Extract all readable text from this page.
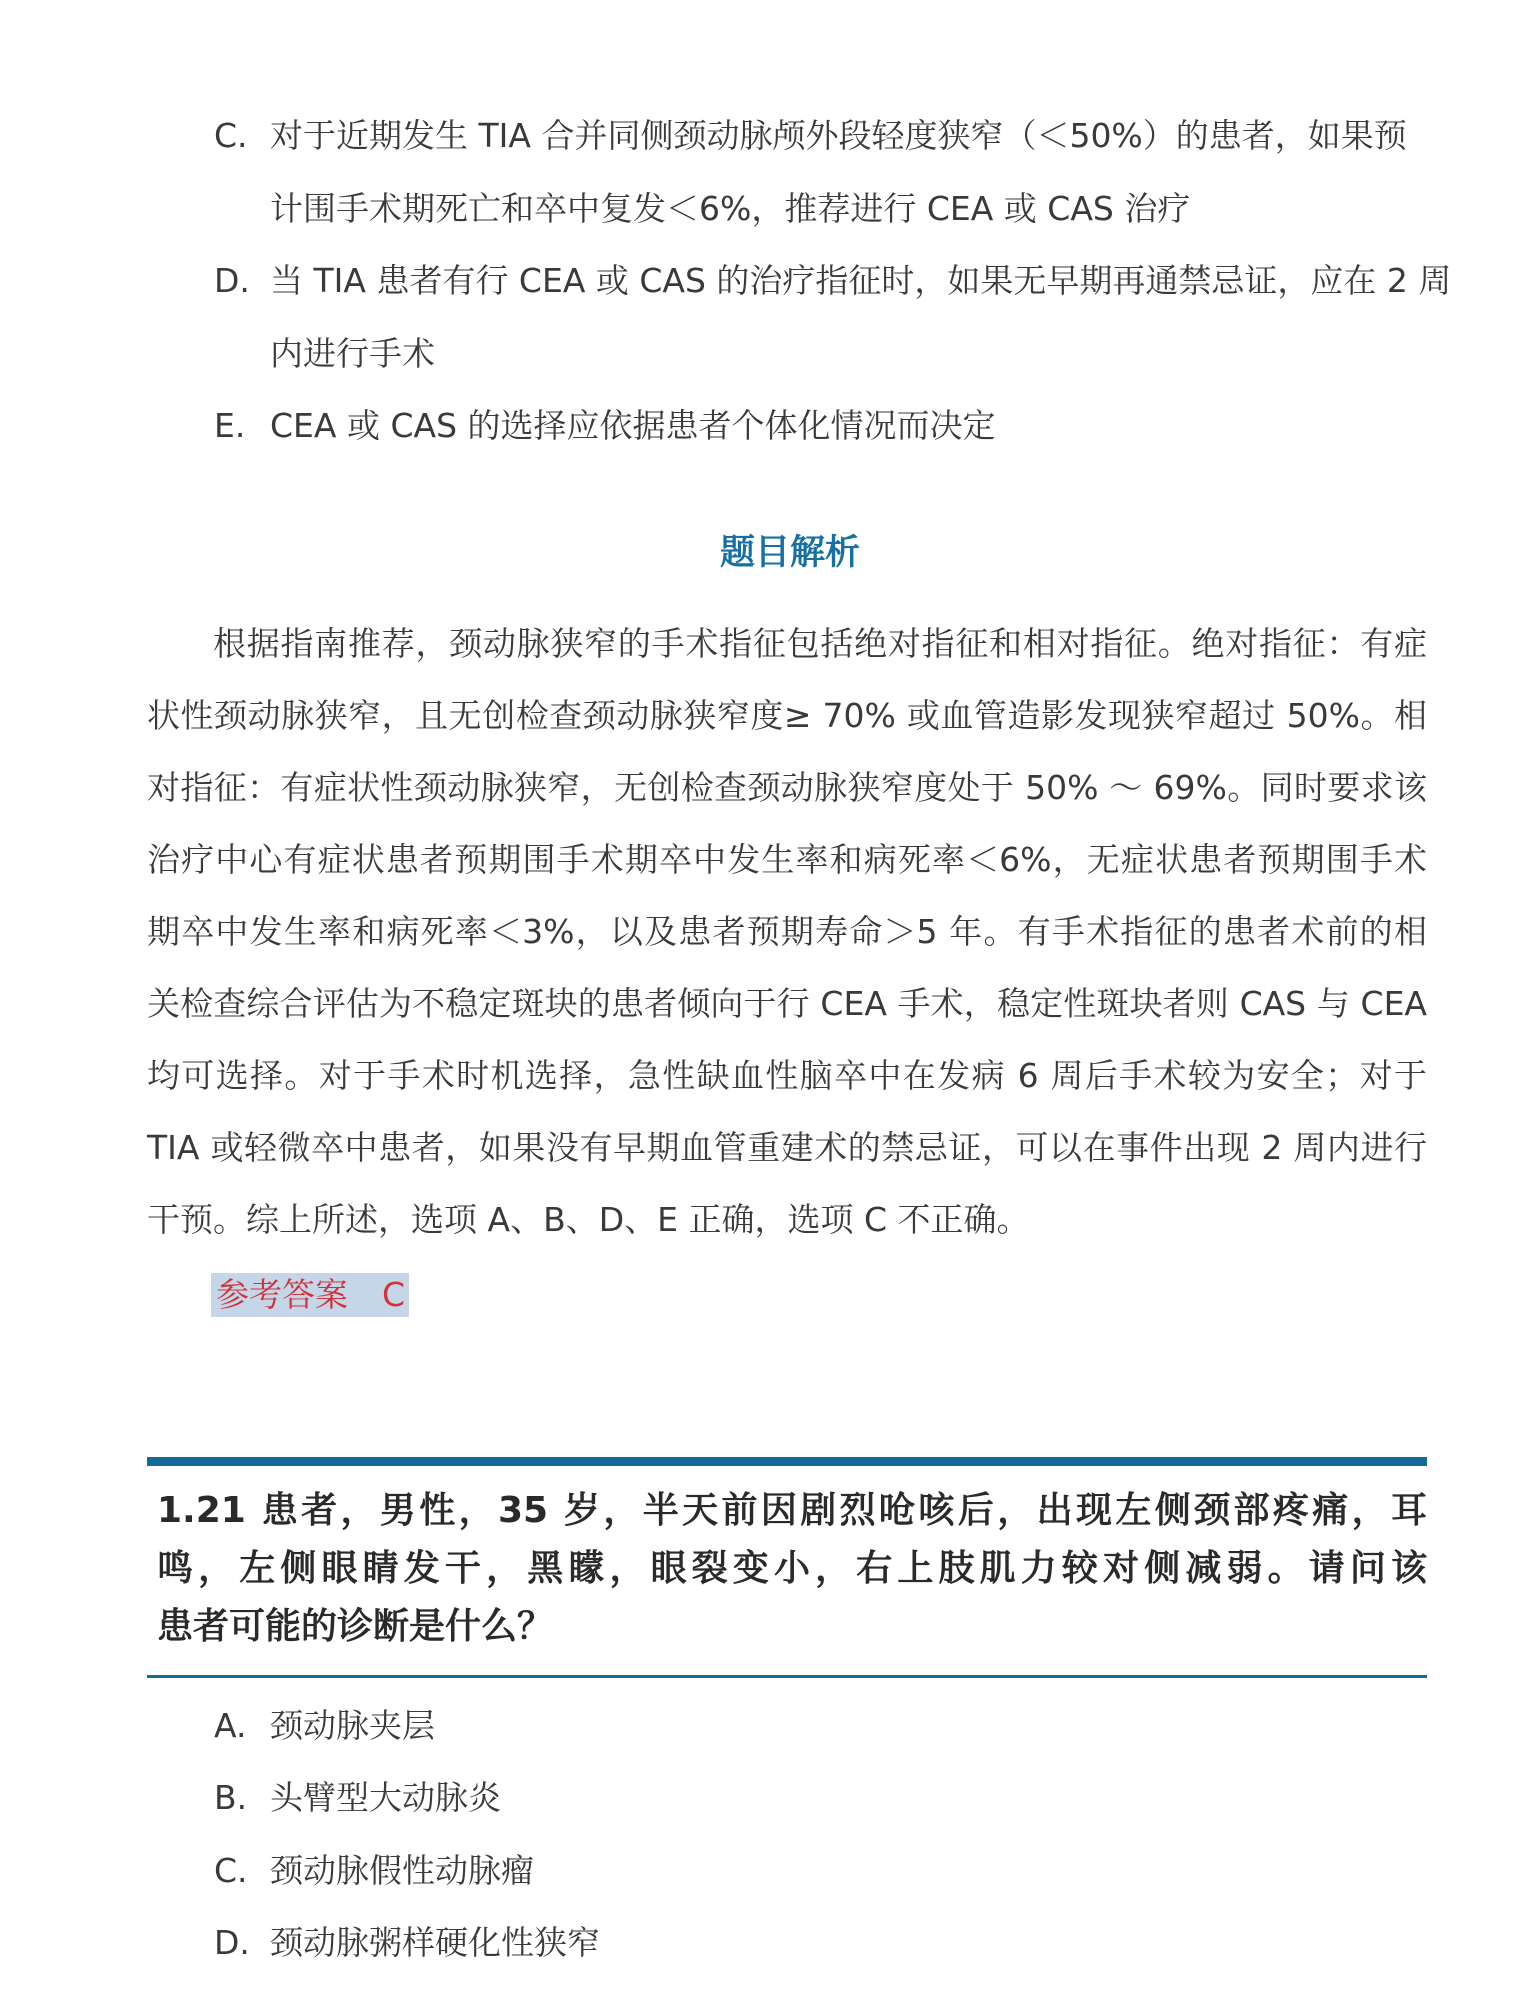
C. 对于近期发生 TIA 合并同侧颈动脉颅外段轻度狭窄（＜50%）的患者，如果预
计围手术期死亡和卒中复发＜6%，推荐进行 CEA 或 CAS 治疗
D. 当 TIA 患者有行 CEA 或 CAS 的治疗指征时，如果无早期再通禁忌证，应在 2 周
内进行手术
E. CEA 或 CAS 的选择应依据患者个体化情况而决定
题目解析
根据指南推荐，颈动脉狭窄的手术指征包括绝对指征和相对指征。绝对指征：有症
状性颈动脉狭窄，且无创检查颈动脉狭窄度≥ 70% 或血管造影发现狭窄超过 50%。相
对指征：有症状性颈动脉狭窄，无创检查颈动脉狭窄度处于 50% ～ 69%。同时要求该
治疗中心有症状患者预期围手术期卒中发生率和病死率＜6%，无症状患者预期围手术
期卒中发生率和病死率＜3%，以及患者预期寿命＞5 年。有手术指征的患者术前的相
关检查综合评估为不稳定斑块的患者倾向于行 CEA 手术，稳定性斑块者则 CAS 与 CEA
均可选择。对于手术时机选择，急性缺血性脑卒中在发病 6 周后手术较为安全；对于
TIA 或轻微卒中患者，如果没有早期血管重建术的禁忌证，可以在事件出现 2 周内进行
干预。综上所述，选项 A、B、D、E 正确，选项 C 不正确。
参考答案 C
1.21 患者，男性，35 岁，半天前因剧烈呛咳后，出现左侧颈部疼痛，耳
鸣，左侧眼睛发干，黑矇，眼裂变小，右上肢肌力较对侧减弱。请问该
患者可能的诊断是什么？
A. 颈动脉夹层
B. 头臂型大动脉炎
C. 颈动脉假性动脉瘤
D. 颈动脉粥样硬化性狭窄
